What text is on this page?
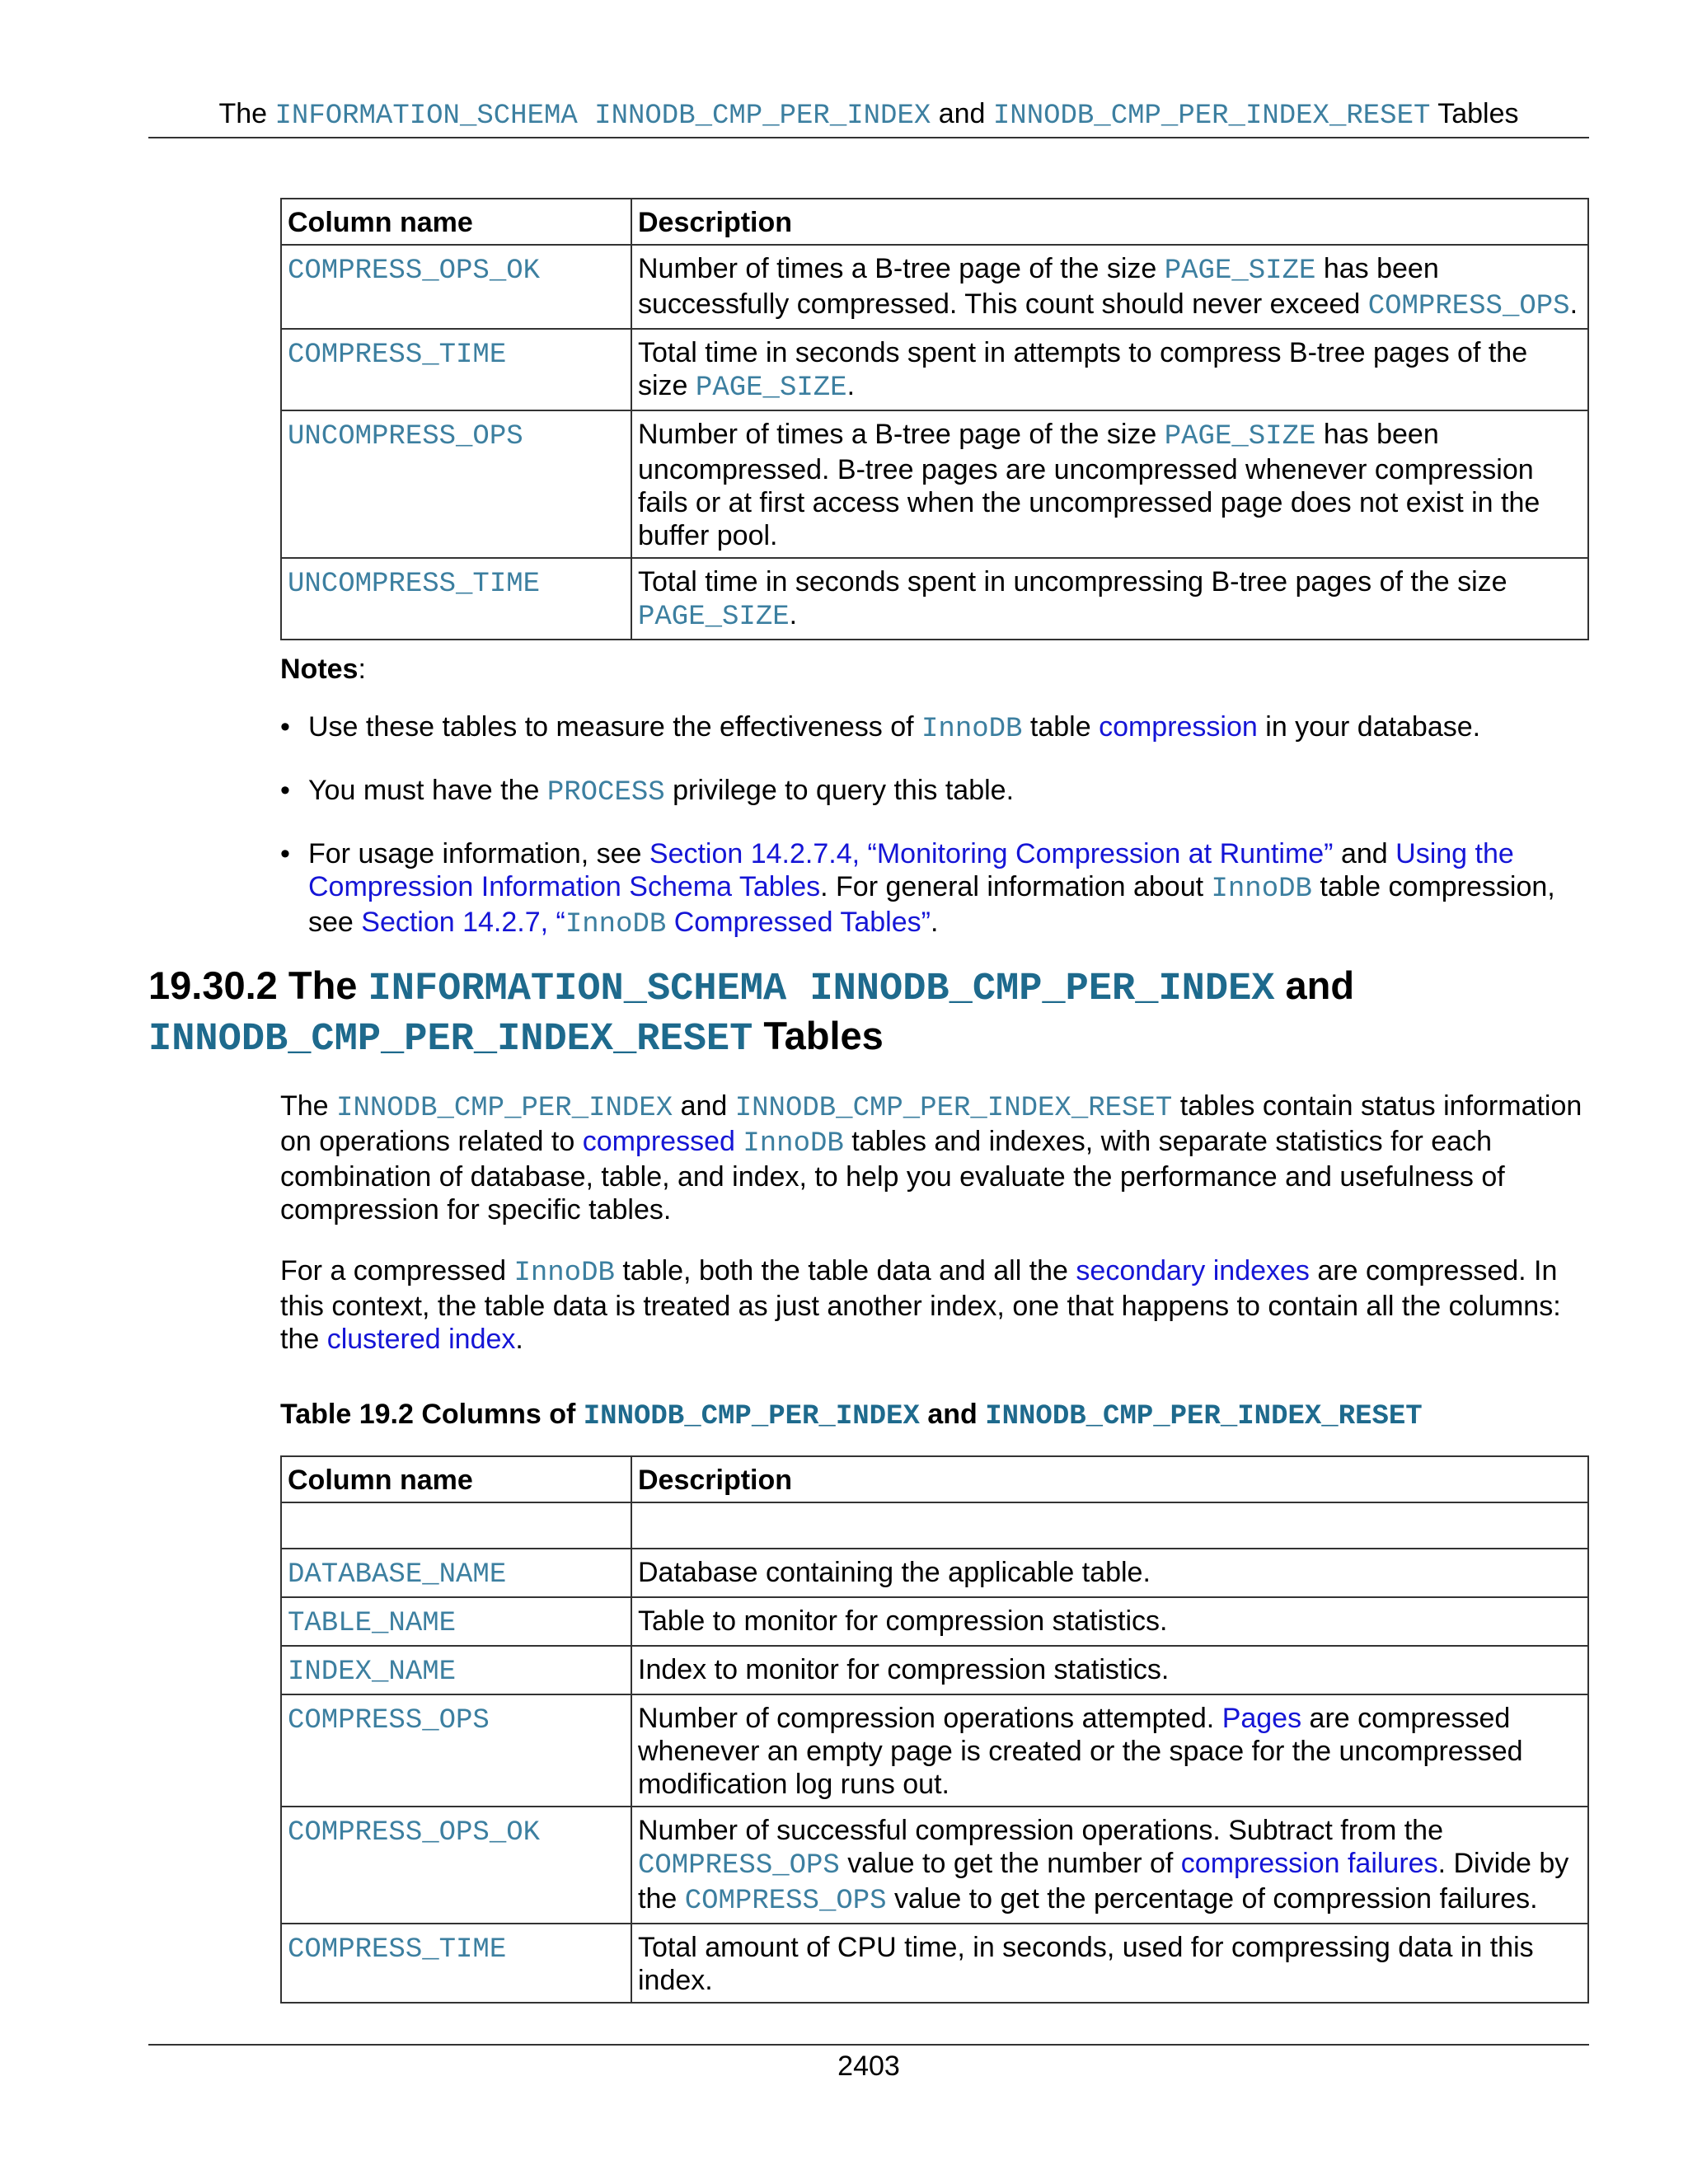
The INFORMATION_SCHEMA INNODB_CMP_PER_INDEX and INNODB_CMP_PER_INDEX_RESET Tables
Column name	Description
COMPRESS_OPS_OK	Number of times a B-tree page of the size PAGE_SIZE has been successfully compressed. This count should never exceed COMPRESS_OPS.
COMPRESS_TIME	Total time in seconds spent in attempts to compress B-tree pages of the size PAGE_SIZE.
UNCOMPRESS_OPS	Number of times a B-tree page of the size PAGE_SIZE has been uncompressed. B-tree pages are uncompressed whenever compression fails or at first access when the uncompressed page does not exist in the buffer pool.
UNCOMPRESS_TIME	Total time in seconds spent in uncompressing B-tree pages of the size PAGE_SIZE.
Notes:
• Use these tables to measure the effectiveness of InnoDB table compression in your database.
• You must have the PROCESS privilege to query this table.
• For usage information, see Section 14.2.7.4, “Monitoring Compression at Runtime” and Using the Compression Information Schema Tables. For general information about InnoDB table compression, see Section 14.2.7, “InnoDB Compressed Tables”.
19.30.2 The INFORMATION_SCHEMA INNODB_CMP_PER_INDEX and
INNODB_CMP_PER_INDEX_RESET Tables
The INNODB_CMP_PER_INDEX and INNODB_CMP_PER_INDEX_RESET tables contain status information on operations related to compressed InnoDB tables and indexes, with separate statistics for each combination of database, table, and index, to help you evaluate the performance and usefulness of compression for specific tables.
For a compressed InnoDB table, both the table data and all the secondary indexes are compressed. In this context, the table data is treated as just another index, one that happens to contain all the columns: the clustered index.
Table 19.2 Columns of INNODB_CMP_PER_INDEX and INNODB_CMP_PER_INDEX_RESET
Column name	Description

DATABASE_NAME	Database containing the applicable table.
TABLE_NAME	Table to monitor for compression statistics.
INDEX_NAME	Index to monitor for compression statistics.
COMPRESS_OPS	Number of compression operations attempted. Pages are compressed whenever an empty page is created or the space for the uncompressed modification log runs out.
COMPRESS_OPS_OK	Number of successful compression operations. Subtract from the COMPRESS_OPS value to get the number of compression failures. Divide by the COMPRESS_OPS value to get the percentage of compression failures.
COMPRESS_TIME	Total amount of CPU time, in seconds, used for compressing data in this index.
2403
